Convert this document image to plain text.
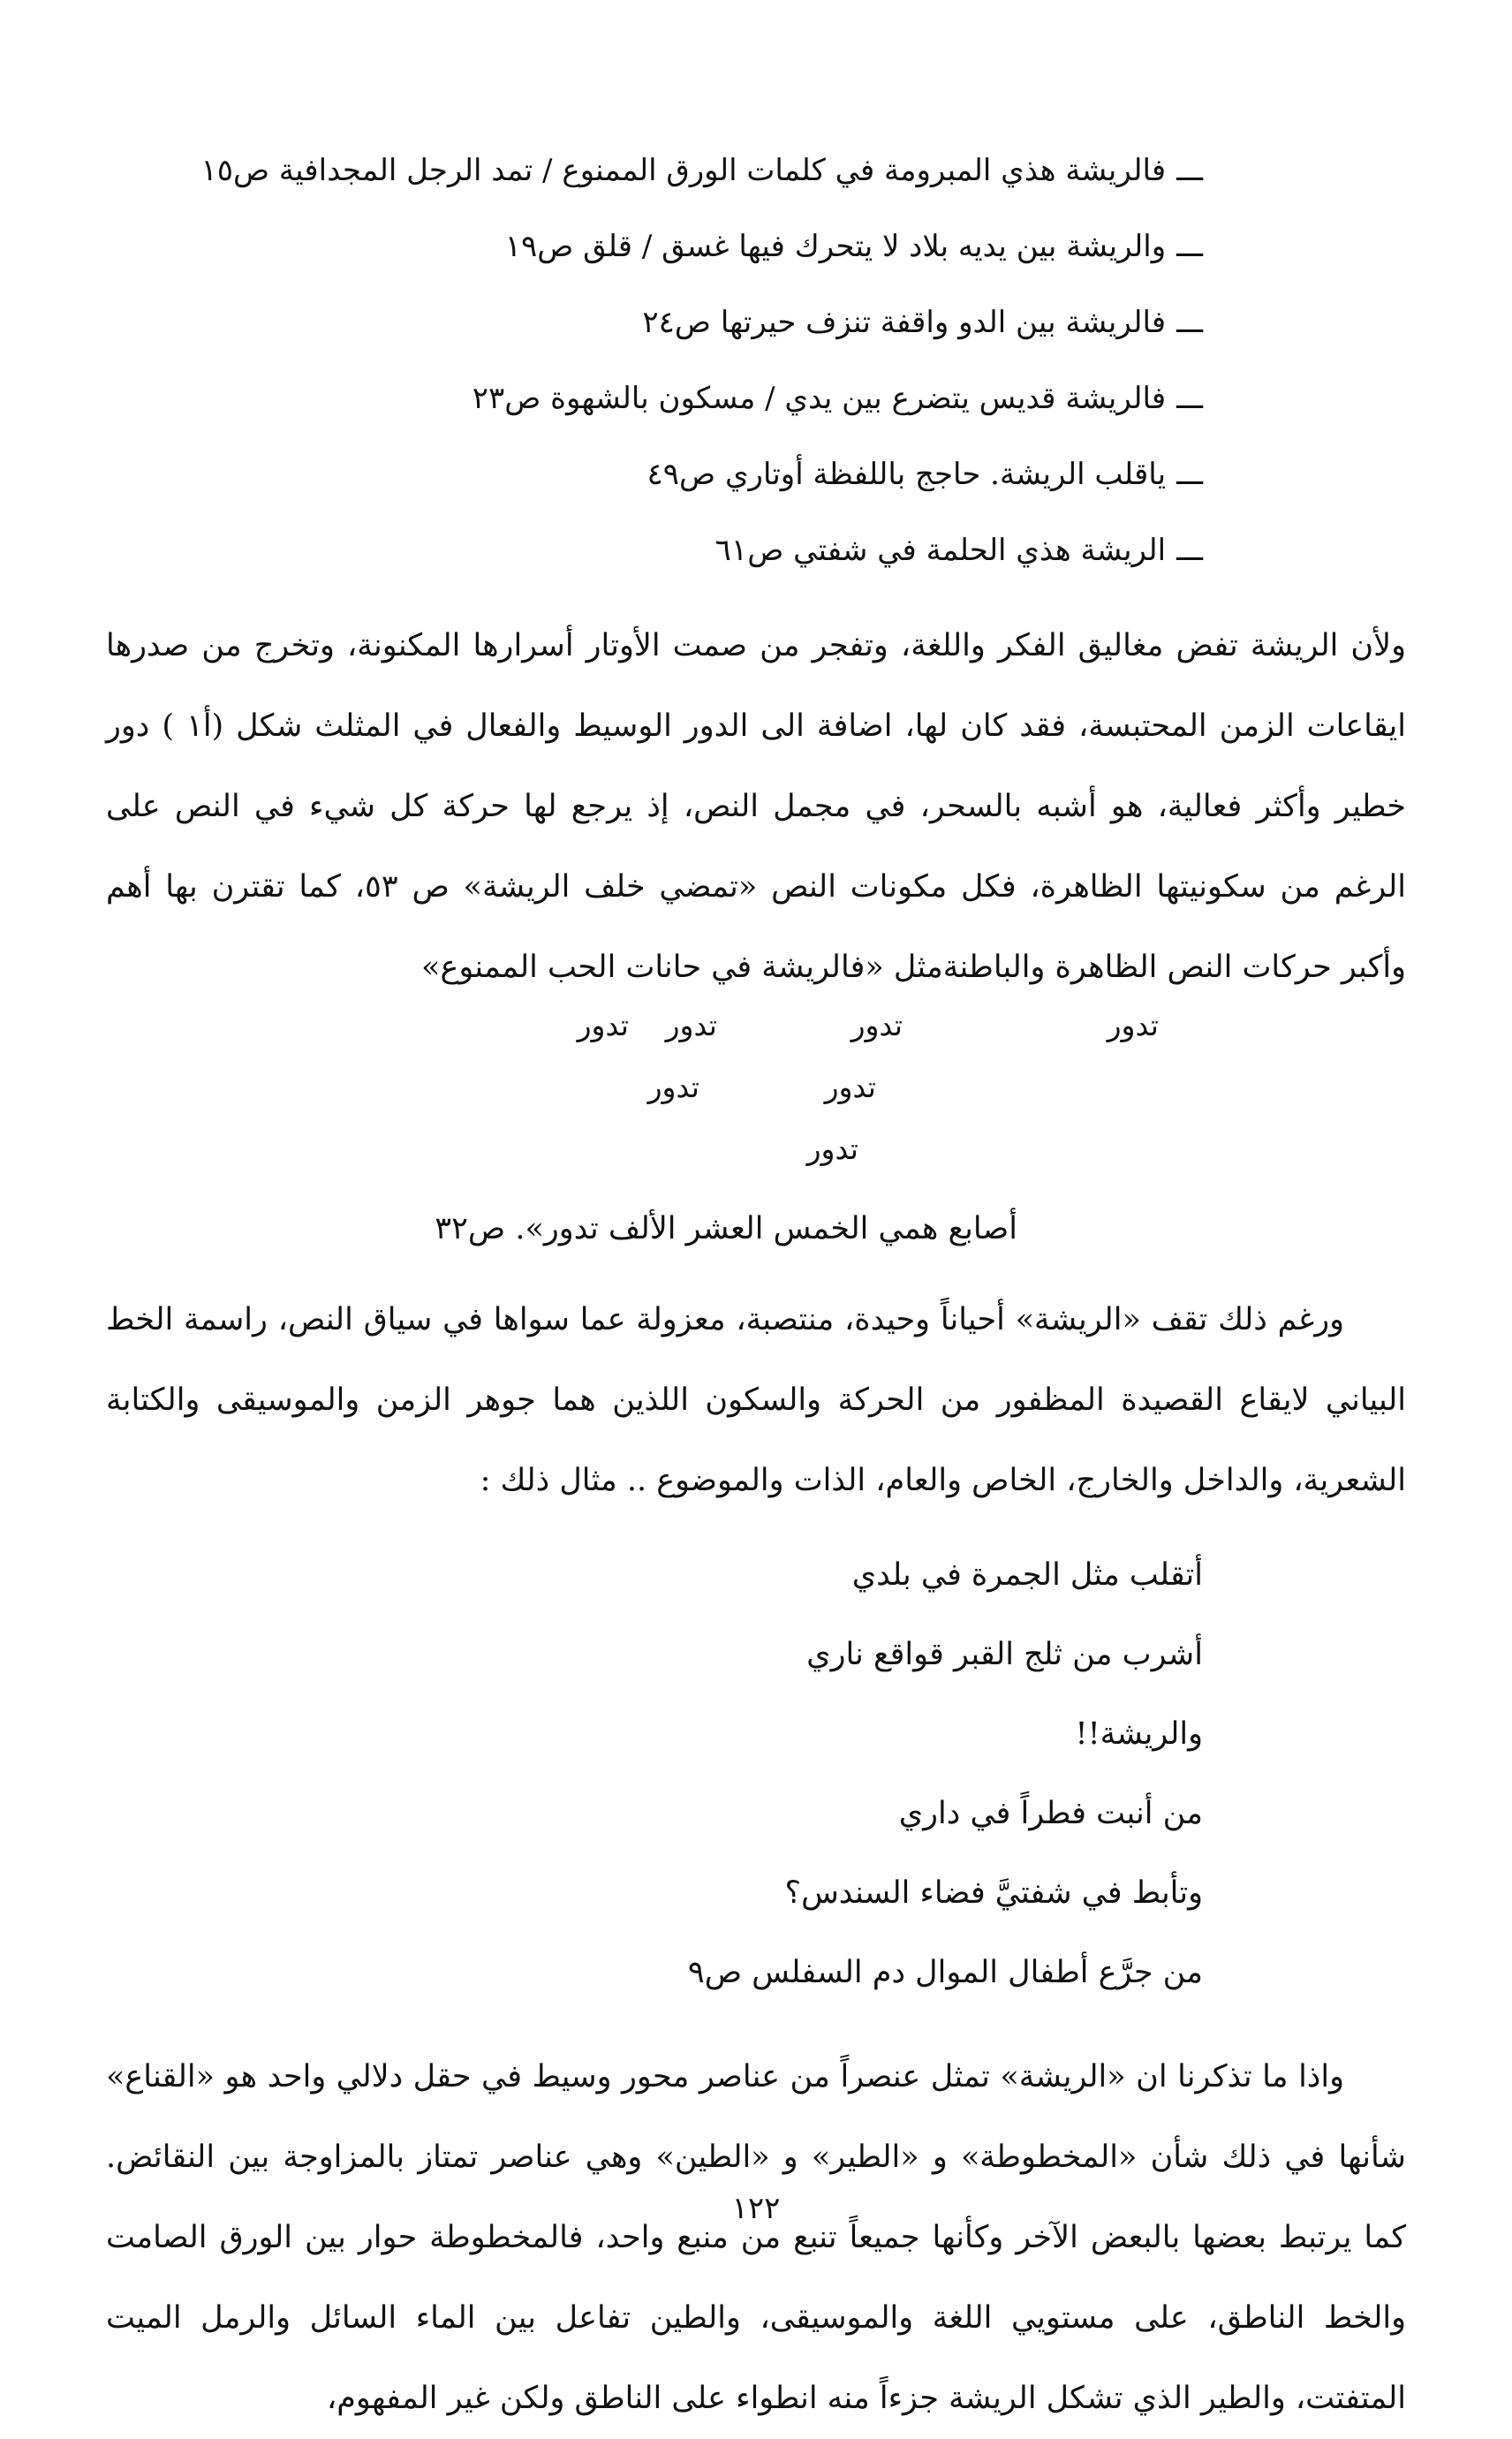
ـــفالريشة هذي المبرومة في كلمات الورق الممنوع / تمد الرجل المجدافية ص١٥
ـــوالريشة بين يديه بلاد لا يتحرك فيها غسق / قلق ص١٩
ـــفالريشة بين الدو واقفة تنزف حيرتها ص٢٤
ـــفالريشة قديس يتضرع بين يدي / مسكون بالشهوة ص٢٣
ـــياقلب الريشة. حاجج باللفظة أوتاري ص٤٩
ـــالريشة هذي الحلمة في شفتي ص٦١

ولأن الريشة تفض مغاليق الفكر واللغة، وتفجر من صمت الأوتار أسرارها المكنونة، وتخرج من صدرها ايقاعات الزمن المحتبسة، فقد كان لها، اضافة الى الدور الوسيط والفعال في المثلث شكل (أ١ ) دور خطير وأكثر فعالية، هو أشبه بالسحر، في مجمل النص، إذ يرجع لها حركة كل شيء في النص على الرغم من سكونيتها الظاهرة، فكل مكونات النص «تمضي خلف الريشة» ص ٥٣، كما تقترن بها أهم وأكبر حركات النص الظاهرة والباطنةمثل «فالريشة في حانات الحب الممنوع»

تدور
تدور
تدور
تدور
تدور
تدور
تدور

أصابع همي الخمس العشر الألف تدور». ص٣٢

ورغم ذلك تقف «الريشة» أحياناً وحيدة، منتصبة، معزولة عما سواها في سياق النص، راسمة الخط البياني لايقاع القصيدة المظفور من الحركة والسكون اللذين هما جوهر الزمن والموسيقى والكتابة الشعرية، والداخل والخارج، الخاص والعام، الذات والموضوع .. مثال ذلك :

أتقلب مثل الجمرة في بلدي
أشرب من ثلج القبر قواقع ناري
والريشة!!
من أنبت فطراً في داري
وتأبط في شفتيَّ فضاء السندس؟
من جرَّع أطفال الموال دم السفلس ص٩

واذا ما تذكرنا ان «الريشة» تمثل عنصراً من عناصر محور وسيط في حقل دلالي واحد هو «القناع» شأنها في ذلك شأن «المخطوطة» و «الطير» و «الطين» وهي عناصر تمتاز بالمزاوجة بين النقائض. كما يرتبط بعضها بالبعض الآخر وكأنها جميعاً تنبع من منبع واحد، فالمخطوطة حوار بين الورق الصامت والخط الناطق، على مستويي اللغة والموسيقى، والطين تفاعل بين الماء السائل والرمل الميت المتفتت، والطير الذي تشكل الريشة جزءاً منه انطواء على الناطق ولكن غير المفهوم،

١٢٢
